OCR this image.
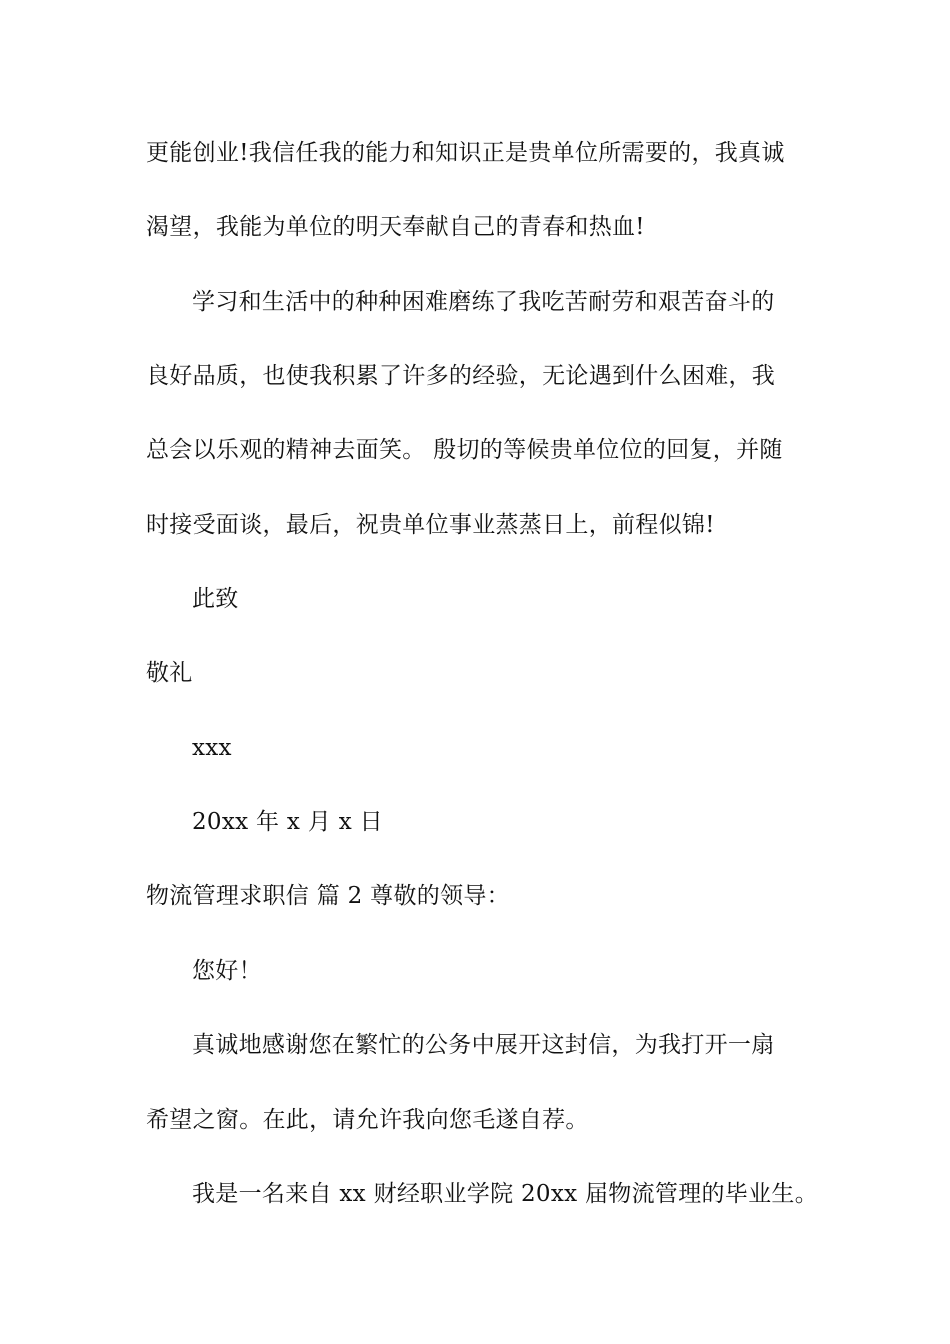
更能创业!我信任我的能力和知识正是贵单位所需要的，我真诚
渴望，我能为单位的明天奉献自己的青春和热血!
学习和生活中的种种困难磨练了我吃苦耐劳和艰苦奋斗的
良好品质，也使我积累了许多的经验，无论遇到什么困难，我
总会以乐观的精神去面笑。 殷切的等候贵单位位的回复，并随
时接受面谈，最后，祝贵单位事业蒸蒸日上，前程似锦!
此致
敬礼
xxx
20xx 年 x 月 x 日
物流管理求职信 篇 2 尊敬的领导：
您好！
真诚地感谢您在繁忙的公务中展开这封信，为我打开一扇
希望之窗。在此，请允许我向您毛遂自荐。
我是一名来自 xx 财经职业学院 20xx 届物流管理的毕业生。
